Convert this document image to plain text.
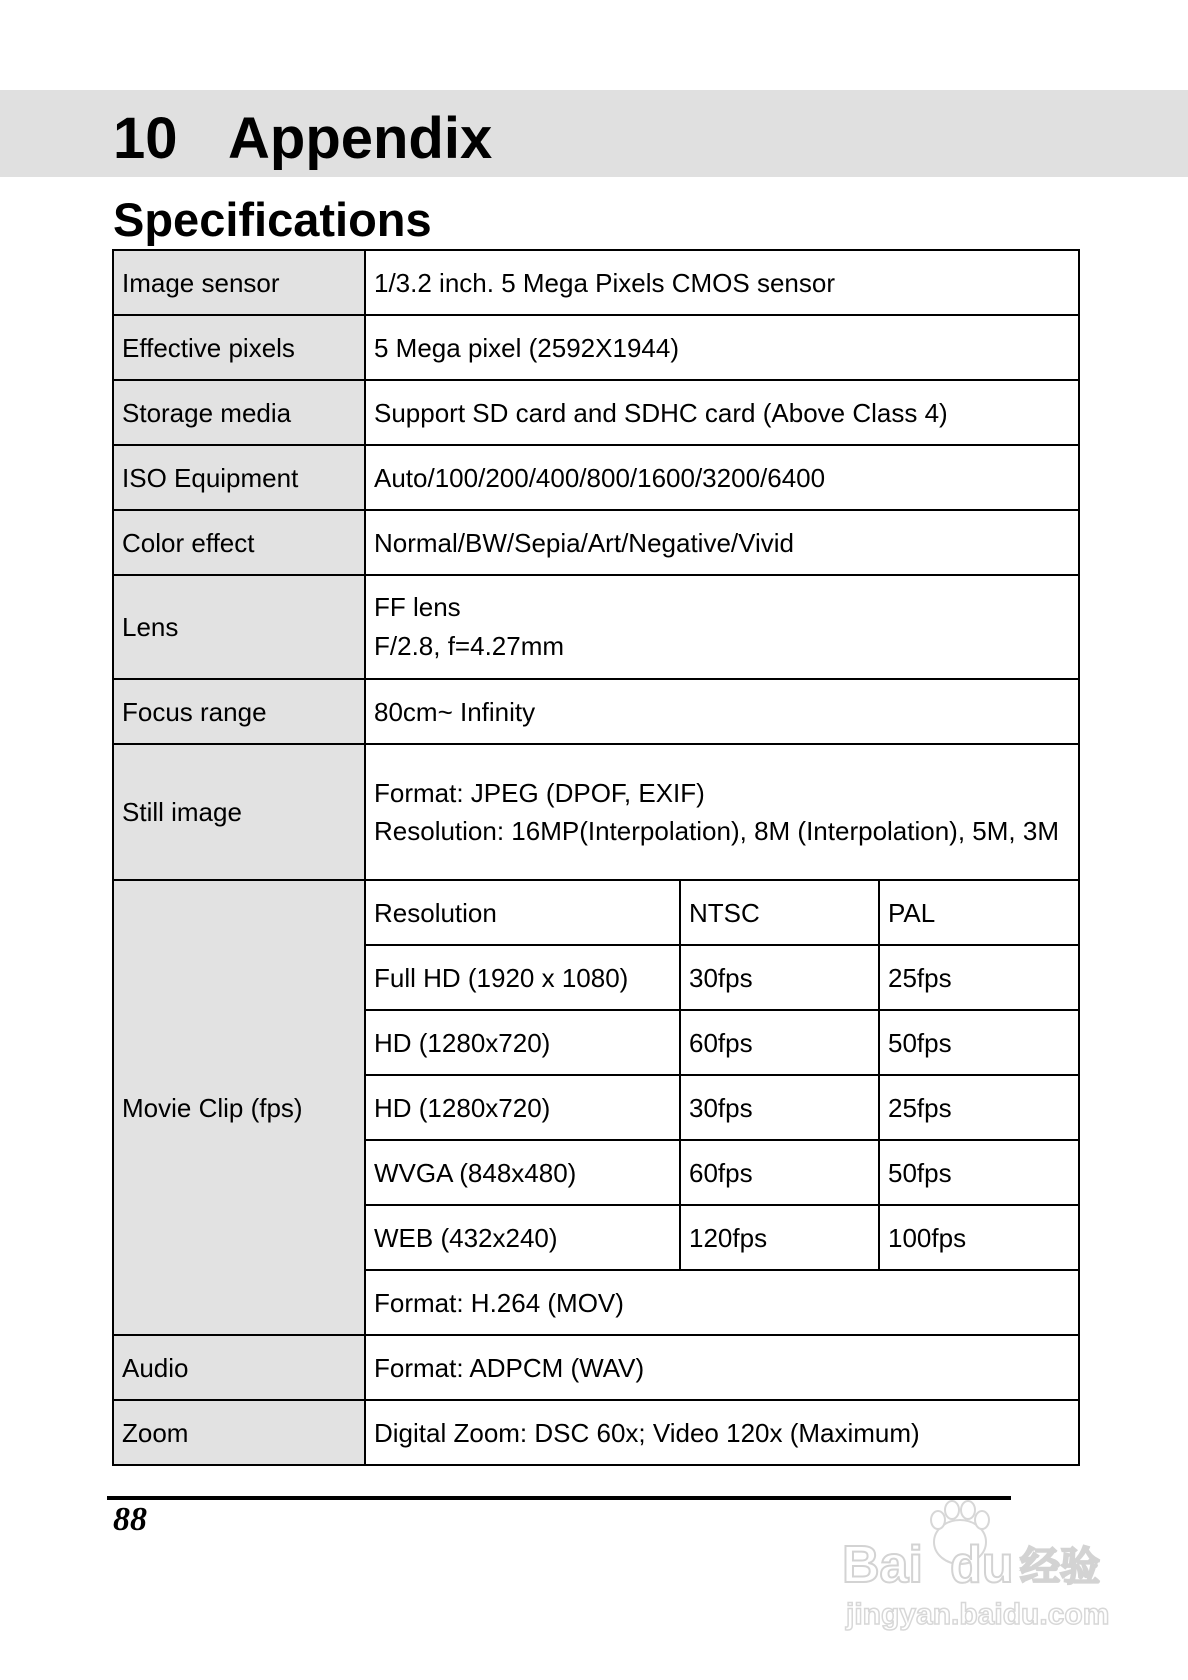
10 Appendix
Specifications
Image sensor	1/3.2 inch. 5 Mega Pixels CMOS sensor		
Effective pixels	5 Mega pixel (2592X1944)		
Storage media	Support SD card and SDHC card (Above Class 4)		
ISO Equipment	Auto/100/200/400/800/1600/3200/6400		
Color effect	Normal/BW/Sepia/Art/Negative/Vivid		
Lens	FF lens
F/2.8, f=4.27mm		

Focus range	80cm~ Infinity		
Still image	Format: JPEG (DPOF, EXIF)
Resolution: 16MP(Interpolation), 8M (Interpolation), 5M, 3M		

Movie Clip (fps)	Resolution	NTSC	PAL
	Full HD (1920 x 1080)	30fps	25fps
	HD (1280x720)	60fps	50fps
	HD (1280x720)	30fps	25fps
	WVGA (848x480)	60fps	50fps
	WEB (432x240)	120fps	100fps
	Format: H.264 (MOV)		
Audio	Format: ADPCM (WAV)		
Zoom	Digital Zoom: DSC 60x; Video 120x (Maximum)		
88
Bai du 经验
jingyan.baidu.com
